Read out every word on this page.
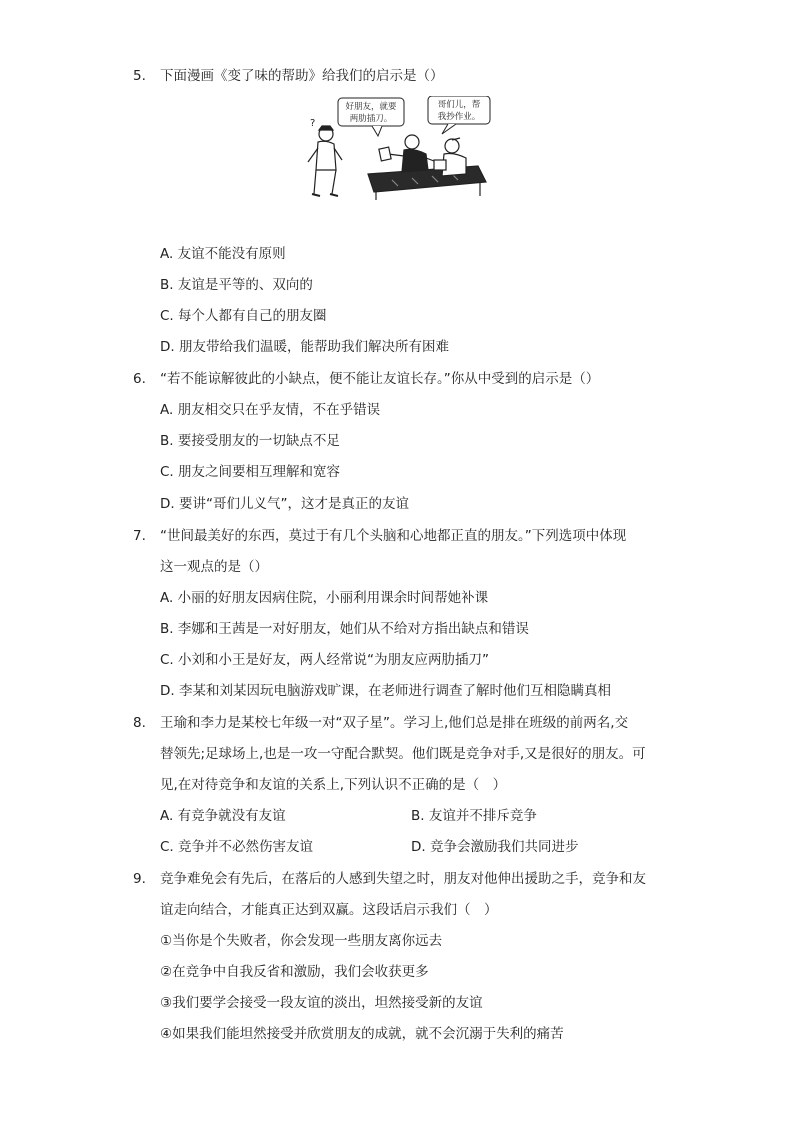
5. 下面漫画《变了味的帮助》给我们的启示是（）
好朋友，就要
两肋插刀。
哥们儿，帮
我抄作业。
?
A. 友谊不能没有原则
B. 友谊是平等的、双向的
C. 每个人都有自己的朋友圈
D. 朋友带给我们温暖，能帮助我们解决所有困难
6. “若不能谅解彼此的小缺点，便不能让友谊长存。”你从中受到的启示是（）
A. 朋友相交只在乎友情，不在乎错误
B. 要接受朋友的一切缺点不足
C. 朋友之间要相互理解和宽容
D. 要讲“哥们儿义气”，这才是真正的友谊
7. “世间最美好的东西，莫过于有几个头脑和心地都正直的朋友。”下列选项中体现
这一观点的是（）
A. 小丽的好朋友因病住院，小丽利用课余时间帮她补课
B. 李娜和王茜是一对好朋友，她们从不给对方指出缺点和错误
C. 小刘和小王是好友，两人经常说“为朋友应两肋插刀”
D. 李某和刘某因玩电脑游戏旷课，在老师进行调查了解时他们互相隐瞒真相
8. 王瑜和李力是某校七年级一对“双子星”。学习上,他们总是排在班级的前两名,交
替领先;足球场上,也是一攻一守配合默契。他们既是竞争对手,又是很好的朋友。可
见,在对待竞争和友谊的关系上,下列认识不正确的是（　）
A. 有竞争就没有友谊	B. 友谊并不排斥竞争
C. 竞争并不必然伤害友谊	D. 竞争会激励我们共同进步
9. 竞争难免会有先后，在落后的人感到失望之时，朋友对他伸出援助之手，竞争和友
谊走向结合，才能真正达到双赢。这段话启示我们（　）
①当你是个失败者，你会发现一些朋友离你远去
②在竞争中自我反省和激励，我们会收获更多
③我们要学会接受一段友谊的淡出，坦然接受新的友谊
④如果我们能坦然接受并欣赏朋友的成就，就不会沉溺于失利的痛苦
